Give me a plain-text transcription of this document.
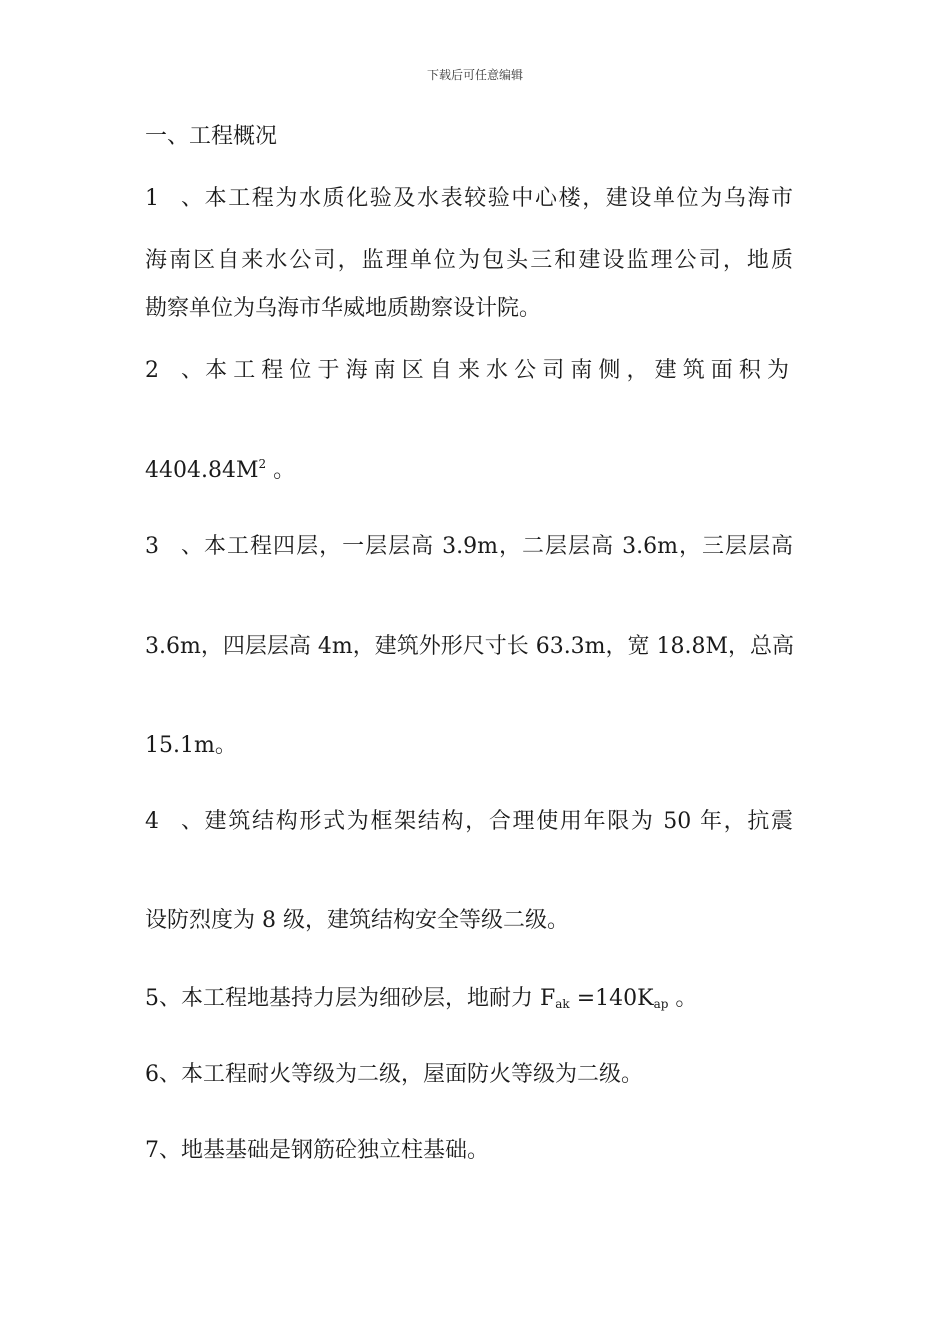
下载后可任意编辑

一、工程概况

1、本工程为水质化验及水表较验中心楼，建设单位为乌海市

海南区自来水公司，监理单位为包头三和建设监理公司，地质

勘察单位为乌海市华威地质勘察设计院。

2、本工程位于海南区自来水公司南侧，建筑面积为

$4404.84M^2$ 。

3、本工程四层，一层层高 3.9m，二层层高 3.6m，三层层高

3.6m，四层层高 4m，建筑外形尺寸长 63.3m，宽 18.8M，总高

15.1m。

4、建筑结构形式为框架结构，合理使用年限为 50 年，抗震

设防烈度为 8 级，建筑结构安全等级二级。

5、本工程地基持力层为细砂层，地耐力 $F_{ak} =140K_{ap}$ 。

6、本工程耐火等级为二级，屋面防火等级为二级。

7、地基基础是钢筋砼独立柱基础。
